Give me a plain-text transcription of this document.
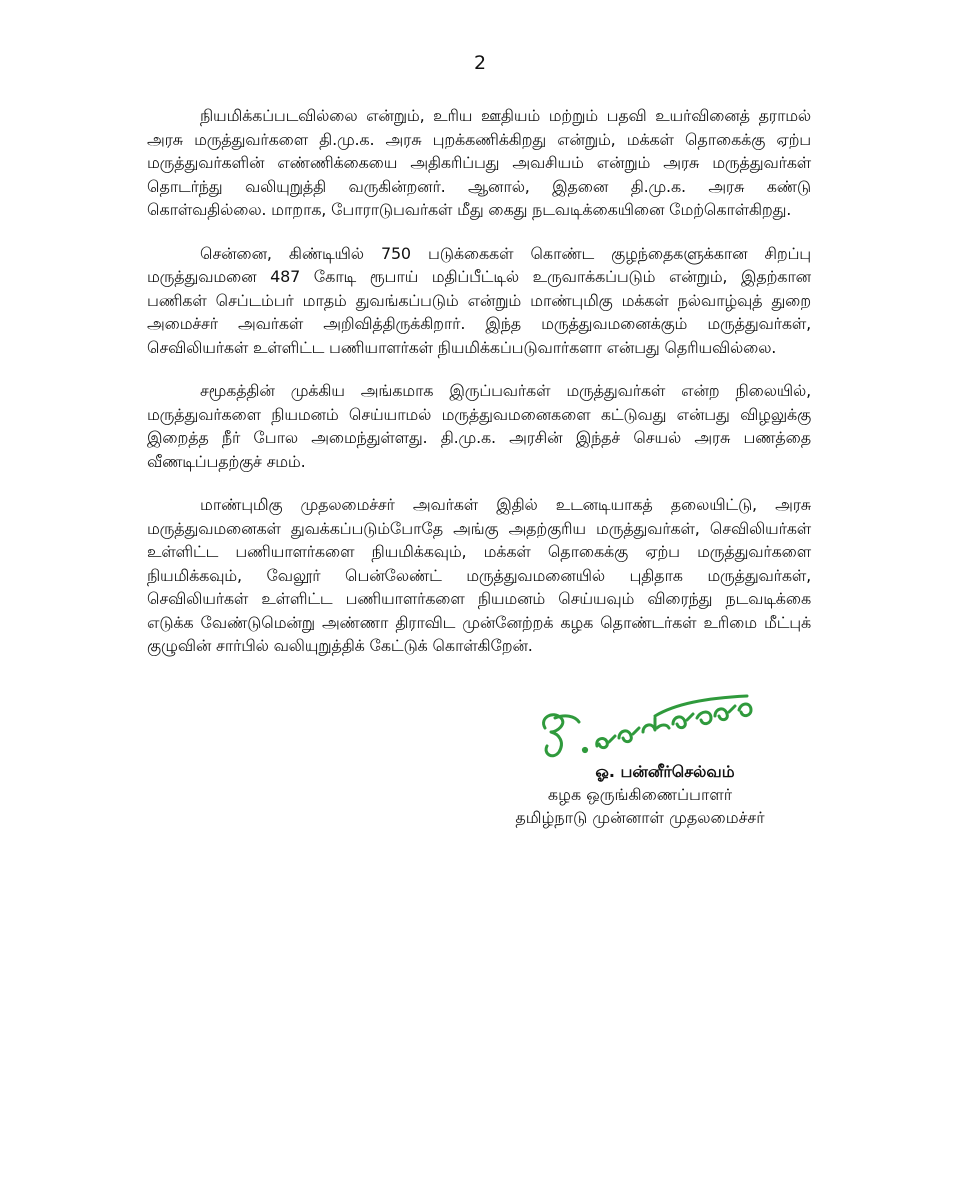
2

நியமிக்கப்படவில்லை என்றும், உரிய ஊதியம் மற்றும் பதவி உயர்வினைத் தராமல் அரசு மருத்துவர்களை தி.மு.க. அரசு புறக்கணிக்கிறது என்றும், மக்கள் தொகைக்கு ஏற்ப மருத்துவர்களின் எண்ணிக்கையை அதிகரிப்பது அவசியம் என்றும் அரசு மருத்துவர்கள் தொடர்ந்து வலியுறுத்தி வருகின்றனர். ஆனால், இதனை தி.மு.க. அரசு கண்டு கொள்வதில்லை. மாறாக, போராடுபவர்கள் மீது கைது நடவடிக்கையினை மேற்கொள்கிறது.

சென்னை, கிண்டியில் 750 படுக்கைகள் கொண்ட குழந்தைகளுக்கான சிறப்பு மருத்துவமனை 487 கோடி ரூபாய் மதிப்பீட்டில் உருவாக்கப்படும் என்றும், இதற்கான பணிகள் செப்டம்பர் மாதம் துவங்கப்படும் என்றும் மாண்புமிகு மக்கள் நல்வாழ்வுத் துறை அமைச்சர் அவர்கள் அறிவித்திருக்கிறார். இந்த மருத்துவமனைக்கும் மருத்துவர்கள், செவிலியர்கள் உள்ளிட்ட பணியாளர்கள் நியமிக்கப்படுவார்களா என்பது தெரியவில்லை.

சமூகத்தின் முக்கிய அங்கமாக இருப்பவர்கள் மருத்துவர்கள் என்ற நிலையில், மருத்துவர்களை நியமனம் செய்யாமல் மருத்துவமனைகளை கட்டுவது என்பது விழலுக்கு இறைத்த நீர் போல அமைந்துள்ளது. தி.மு.க. அரசின் இந்தச் செயல் அரசு பணத்தை வீணடிப்பதற்குச் சமம்.

மாண்புமிகு முதலமைச்சர் அவர்கள் இதில் உடனடியாகத் தலையிட்டு, அரசு மருத்துவமனைகள் துவக்கப்படும்போதே அங்கு அதற்குரிய மருத்துவர்கள், செவிலியர்கள் உள்ளிட்ட பணியாளர்களை நியமிக்கவும், மக்கள் தொகைக்கு ஏற்ப மருத்துவர்களை நியமிக்கவும், வேலூர் பென்லேண்ட் மருத்துவமனையில் புதிதாக மருத்துவர்கள், செவிலியர்கள் உள்ளிட்ட பணியாளர்களை நியமனம் செய்யவும் விரைந்து நடவடிக்கை எடுக்க வேண்டுமென்று அண்ணா திராவிட முன்னேற்றக் கழக தொண்டர்கள் உரிமை மீட்புக் குழுவின் சார்பில் வலியுறுத்திக் கேட்டுக் கொள்கிறேன்.

ஓ. பன்னீர்செல்வம்
கழக ஒருங்கிணைப்பாளர்
தமிழ்நாடு முன்னாள் முதலமைச்சர்
